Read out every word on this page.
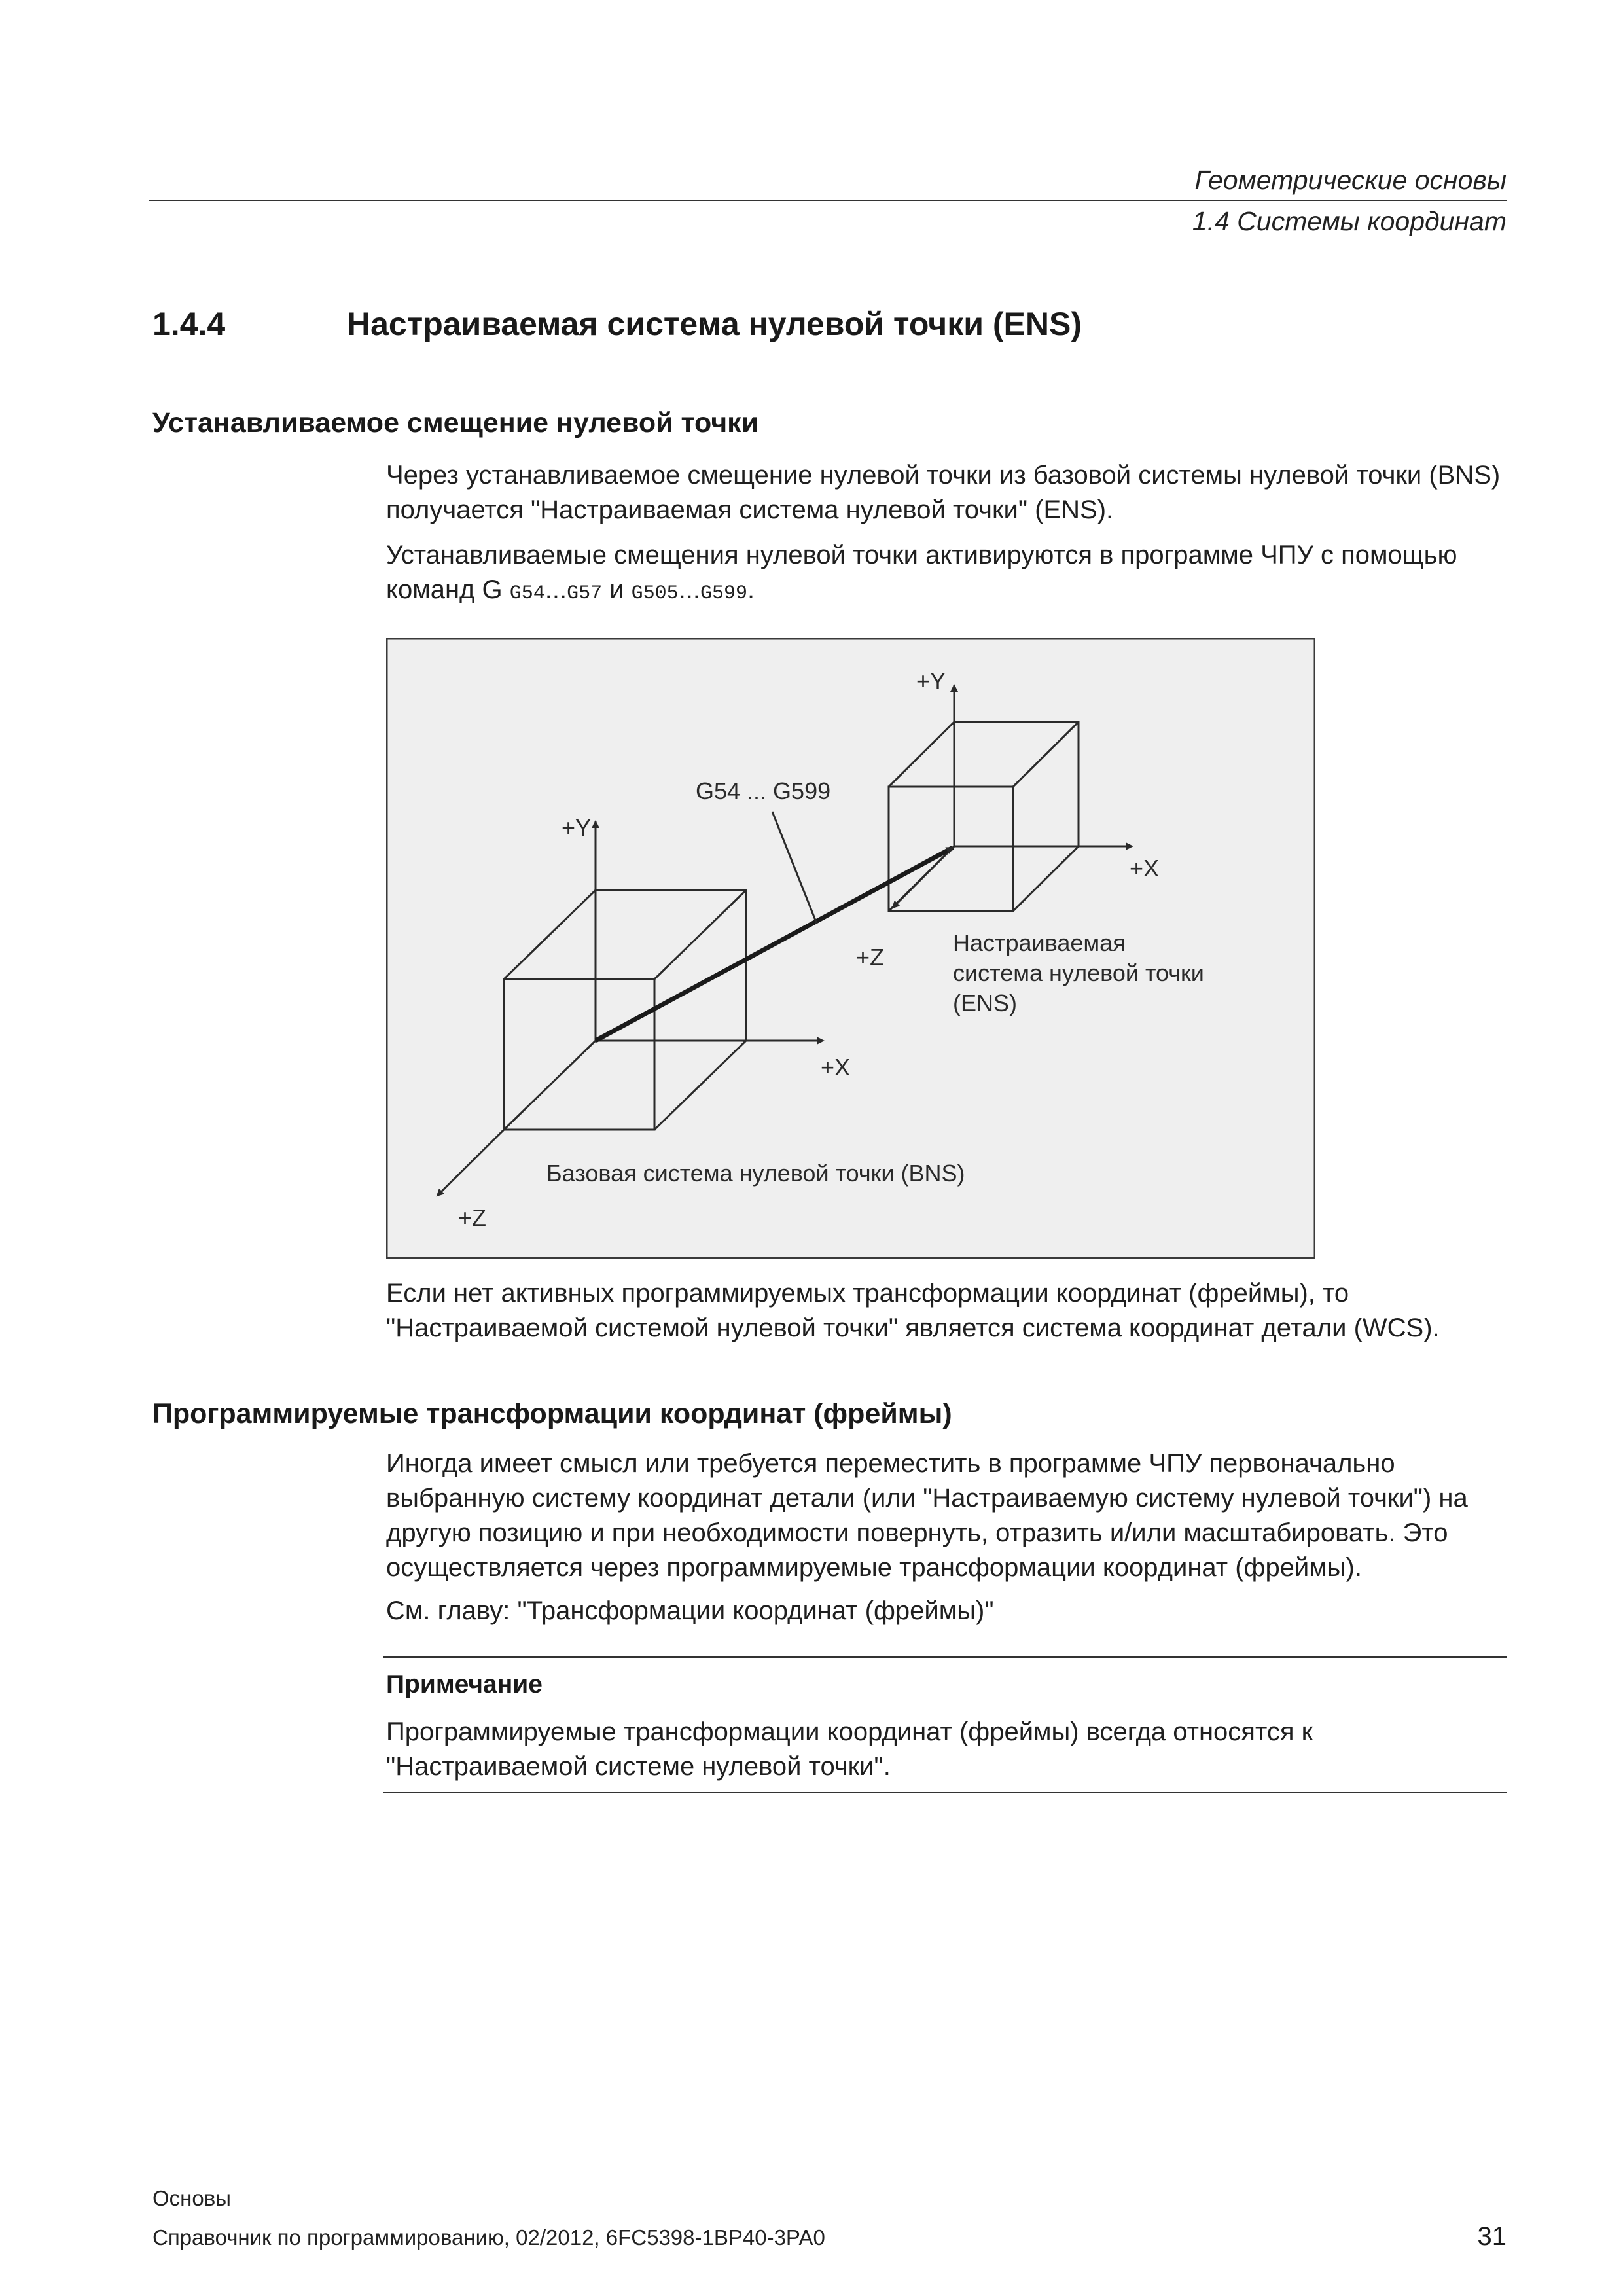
Геометрические основы
1.4 Системы координат
1.4.4	Настраиваемая система нулевой точки (ENS)
Устанавливаемое смещение нулевой точки
Через устанавливаемое смещение нулевой точки из базовой системы нулевой точки (BNS) получается "Настраиваемая система нулевой точки" (ENS).
Устанавливаемые смещения нулевой точки активируются в программе ЧПУ с помощью команд G G54...G57 и G505...G599.
G54 ... G599
+Y
+X
+Z
Базовая система нулевой точки (BNS)
+Y
+X
+Z
Настраиваемая
система нулевой точки
(ENS)
Если нет активных программируемых трансформации координат (фреймы), то "Настраиваемой системой нулевой точки" является система координат детали (WCS).
Программируемые трансформации координат (фреймы)
Иногда имеет смысл или требуется переместить в программе ЧПУ первоначально выбранную систему координат детали (или "Настраиваемую систему нулевой точки") на другую позицию и при необходимости повернуть, отразить и/или масштабировать. Это осуществляется через программируемые трансформации координат (фреймы).
См. главу: "Трансформации координат (фреймы)"
Примечание
Программируемые трансформации координат (фреймы) всегда относятся к "Настраиваемой системе нулевой точки".
Основы
Справочник по программированию, 02/2012, 6FC5398-1BP40-3PA0	31
